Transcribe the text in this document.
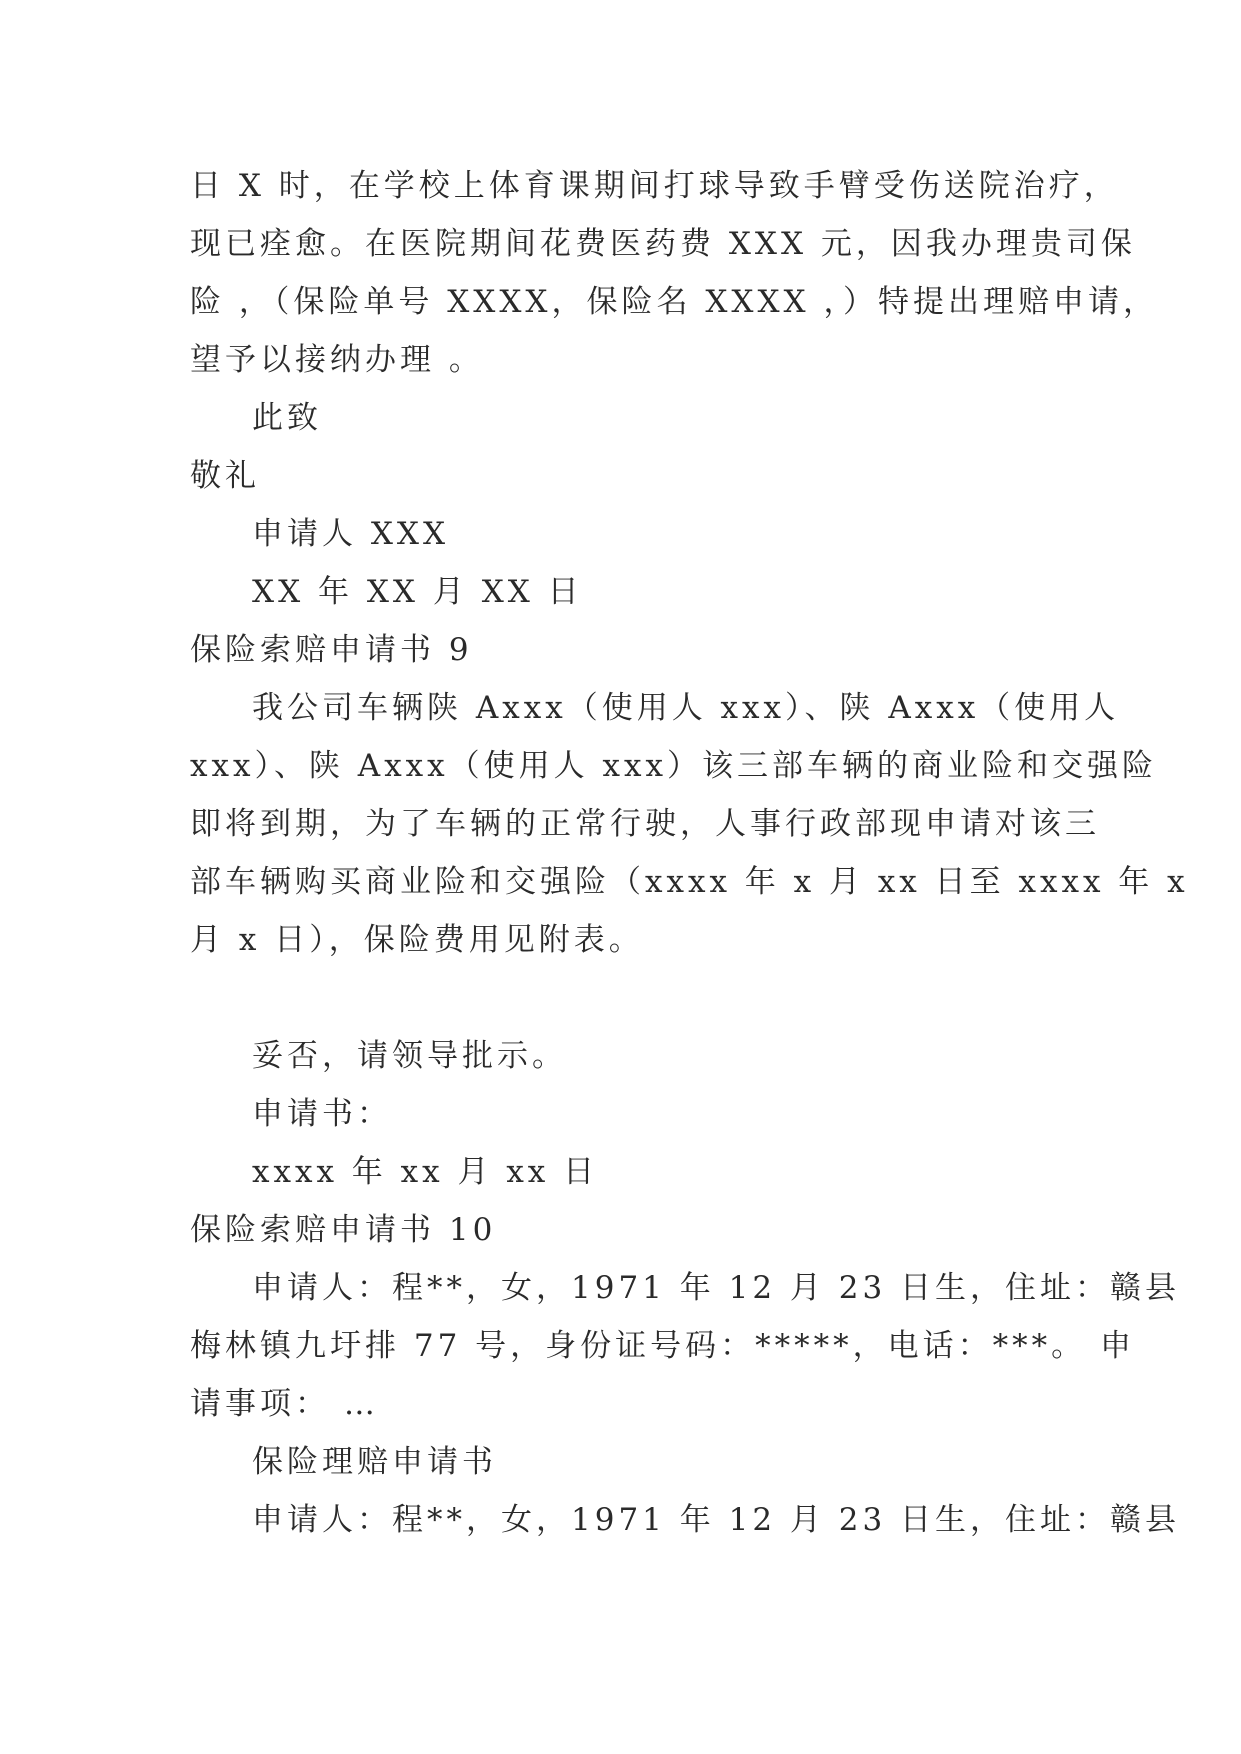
日 X 时，在学校上体育课期间打球导致手臂受伤送院治疗，
现已痊愈。在医院期间花费医药费 XXX 元，因我办理贵司保
险 ，（保险单号 XXXX，保险名 XXXX ，）特提出理赔申请，
望予以接纳办理 。
此致
敬礼
申请人 XXX
XX 年 XX 月 XX 日
保险索赔申请书 9
我公司车辆陕 Axxx（使用人 xxx）、陕 Axxx（使用人
xxx）、陕 Axxx（使用人 xxx）该三部车辆的商业险和交强险
即将到期，为了车辆的正常行驶，人事行政部现申请对该三
部车辆购买商业险和交强险（xxxx 年 x 月 xx 日至 xxxx 年 x
月 x 日），保险费用见附表。
妥否，请领导批示。
申请书：
xxxx 年 xx 月 xx 日
保险索赔申请书 10
申请人：程**，女，1971 年 12 月 23 日生，住址：赣县
梅林镇九圩排 77 号，身份证号码：*****，电话：***。 申
请事项： …
保险理赔申请书
申请人：程**，女，1971 年 12 月 23 日生，住址：赣县
